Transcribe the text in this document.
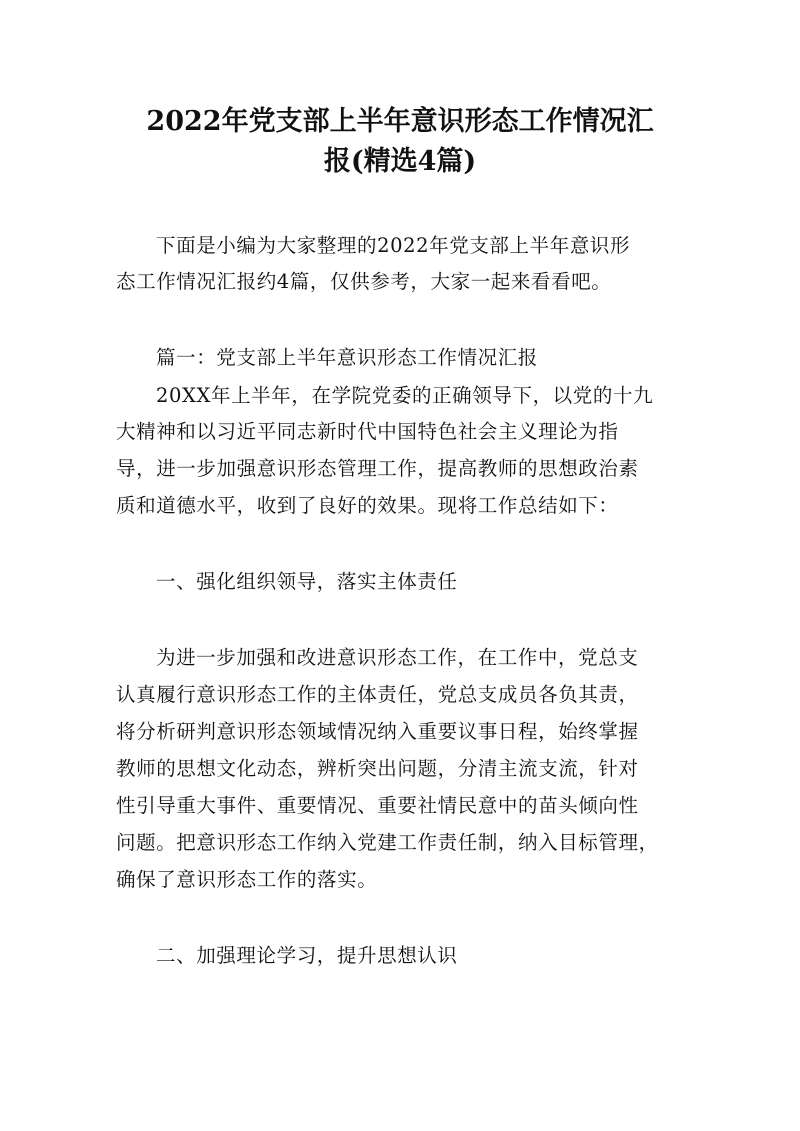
2022年党支部上半年意识形态工作情况汇
报(精选4篇)
下面是小编为大家整理的2022年党支部上半年意识形
态工作情况汇报约4篇，仅供参考，大家一起来看看吧。
篇一：党支部上半年意识形态工作情况汇报
20XX年上半年，在学院党委的正确领导下，以党的十九
大精神和以习近平同志新时代中国特色社会主义理论为指
导，进一步加强意识形态管理工作，提高教师的思想政治素
质和道德水平，收到了良好的效果。现将工作总结如下：
一、强化组织领导，落实主体责任
为进一步加强和改进意识形态工作，在工作中，党总支
认真履行意识形态工作的主体责任，党总支成员各负其责，
将分析研判意识形态领域情况纳入重要议事日程，始终掌握
教师的思想文化动态，辨析突出问题，分清主流支流，针对
性引导重大事件、重要情况、重要社情民意中的苗头倾向性
问题。把意识形态工作纳入党建工作责任制，纳入目标管理，
确保了意识形态工作的落实。
二、加强理论学习，提升思想认识
